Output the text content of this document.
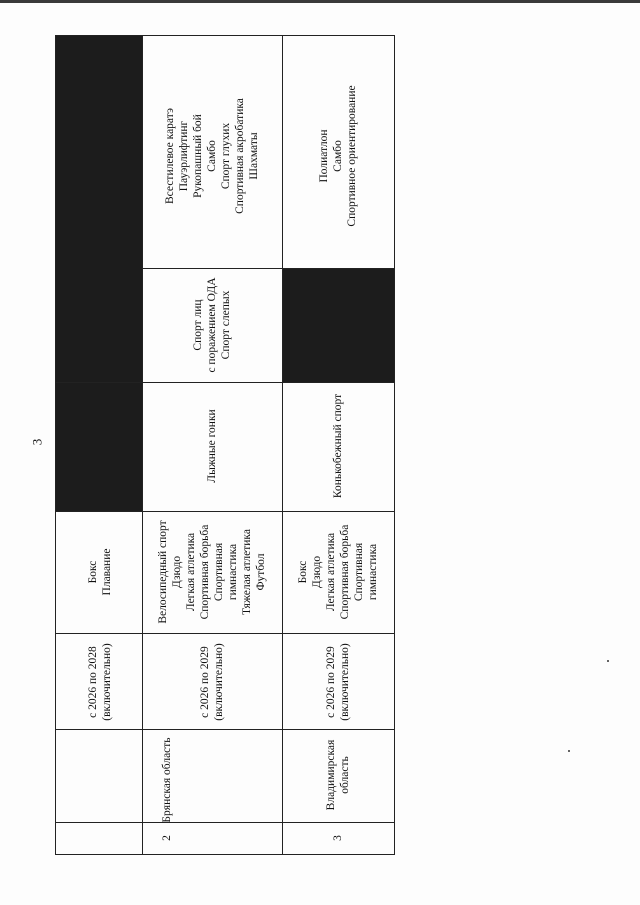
3
2
Брянская область
с 2026 по 2028 (включительно)
Бокс Плавание
с 2026 по 2029 (включительно)
Велосипедный спорт Дзюдо Легкая атлетика Спортивная борьба Спортивная гимнастика Тяжелая атлетика Футбол
Лыжные гонки
Спорт лиц с поражением ОДА Спорт слепых
Всестилевое каратэ Пауэрлифтинг Рукопашный бой Самбо Спорт глухих Спортивная акробатика Шахматы
3
Владимирская область
с 2026 по 2029 (включительно)
Бокс Дзюдо Легкая атлетика Спортивная борьба Спортивная гимнастика
Конькобежный спорт
Полиатлон Самбо Спортивное ориентирование
